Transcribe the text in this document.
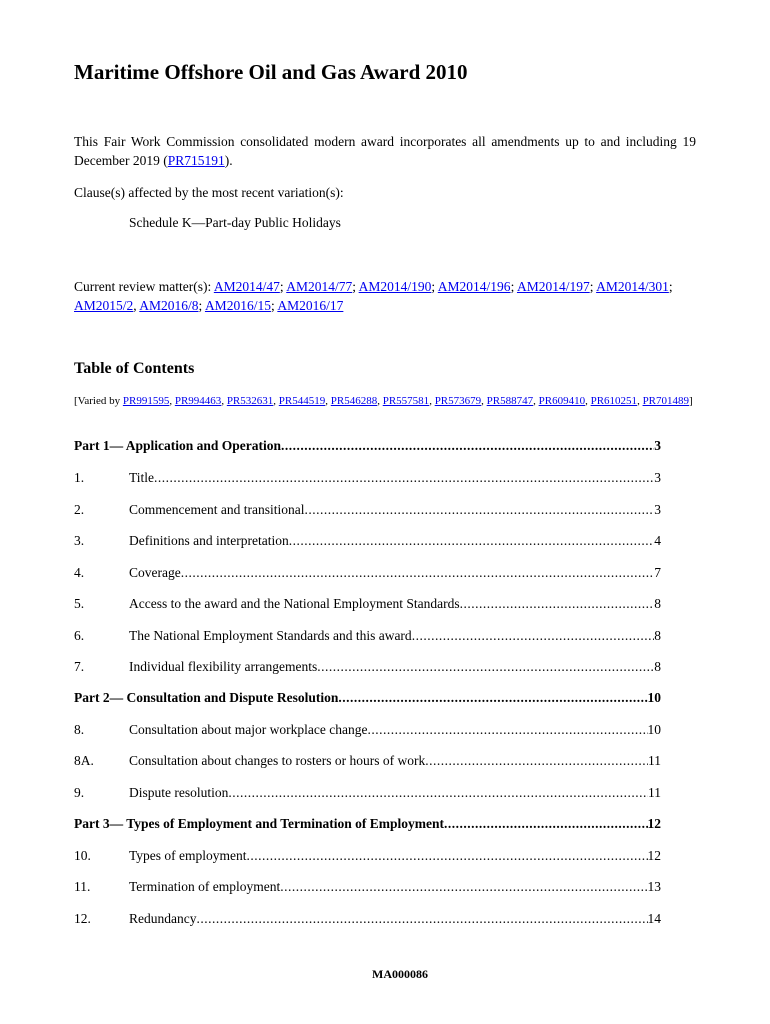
Maritime Offshore Oil and Gas Award 2010
This Fair Work Commission consolidated modern award incorporates all amendments up to and including 19 December 2019 (PR715191).
Clause(s) affected by the most recent variation(s):
Schedule K—Part-day Public Holidays
Current review matter(s): AM2014/47; AM2014/77; AM2014/190; AM2014/196; AM2014/197; AM2014/301; AM2015/2, AM2016/8; AM2016/15; AM2016/17
Table of Contents
[Varied by PR991595, PR994463, PR532631, PR544519, PR546288, PR557581, PR573679, PR588747, PR609410, PR610251, PR701489]
Part 1— Application and Operation .....	3
1.	Title .....	3
2.	Commencement and transitional .....	3
3.	Definitions and interpretation .....	4
4.	Coverage .....	7
5.	Access to the award and the National Employment Standards .....	8
6.	The National Employment Standards and this award .....	8
7.	Individual flexibility arrangements .....	8
Part 2— Consultation and Dispute Resolution .....	10
8.	Consultation about major workplace change .....	10
8A.	Consultation about changes to rosters or hours of work .....	11
9.	Dispute resolution .....	11
Part 3— Types of Employment and Termination of Employment .....	12
10.	Types of employment .....	12
11.	Termination of employment .....	13
12.	Redundancy .....	14
MA000086
